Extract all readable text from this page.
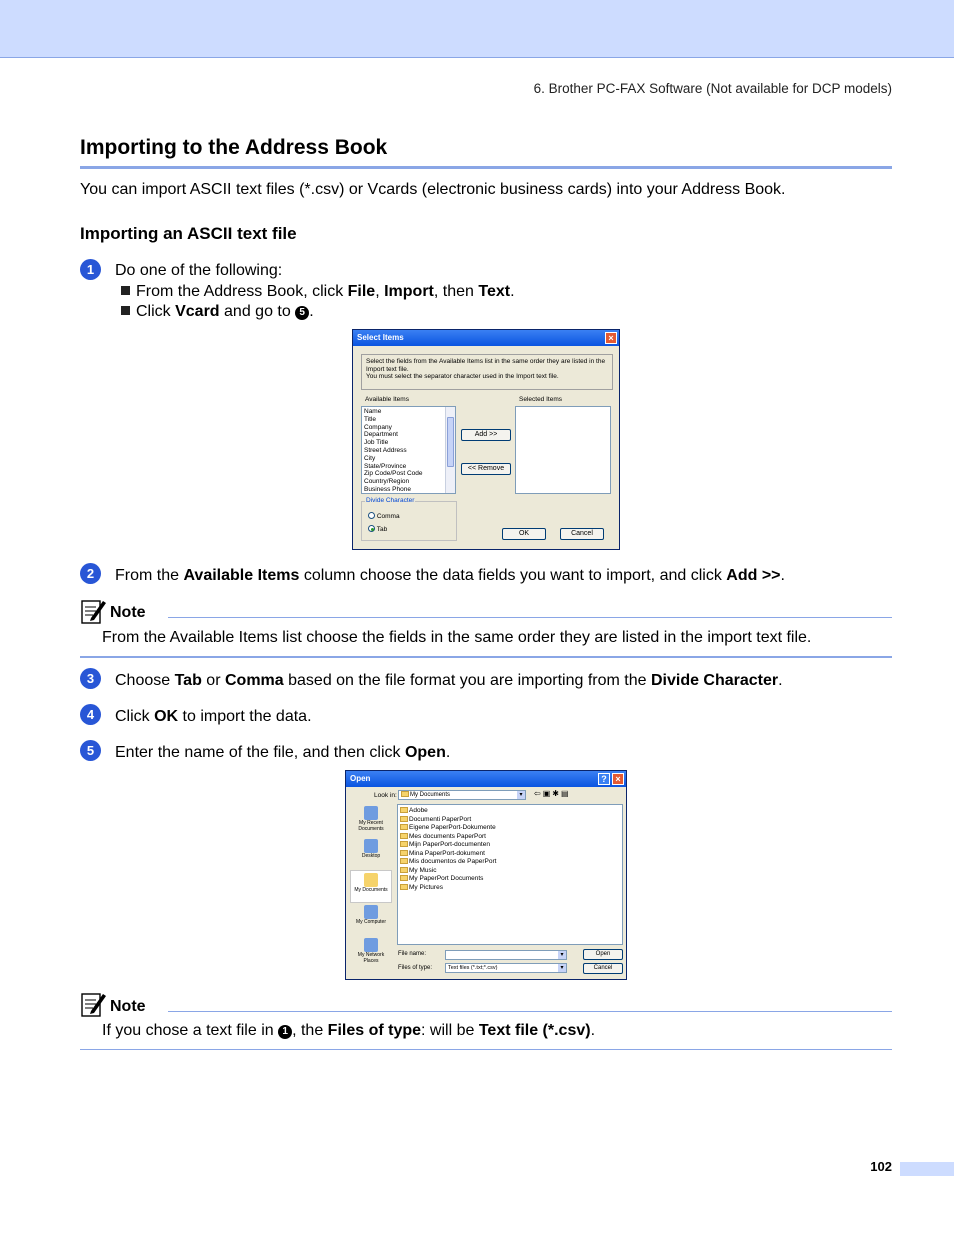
6. Brother PC-FAX Software (Not available for DCP models)
Importing to the Address Book

You can import ASCII text files (*.csv) or Vcards (electronic business cards) into your Address Book.

Importing an ASCII text file
1	Do one of the following:

From the Address Book, click File, Import, then Text.

Click Vcard and go to 5 .

Select Items	×
Select the fields from the Available Items list in the same order they are listed in the
Import text file.
You must select the separator character used in the Import text file.
Available Items	Selected Items
Name
Title
Company
Department
Job Title
Street Address
City
State/Province
Zip Code/Post Code
Country/Region
Business Phone
Add >>
<< Remove
Divide Character
Comma
Tab
OK	Cancel
2	From the Available Items column choose the data fields you want to import, and click Add >>.

Note

From the Available Items list choose the fields in the same order they are listed in the import text file.

3	Choose Tab or Comma based on the file format you are importing from the Divide Character.

4	Click OK to import the data.

5	Enter the name of the file, and then click Open.

Open	? ×
Look in:	My Documents	▾	⇦▣✱▤
My Recent Documents
Desktop
My Documents
My Computer
My Network Places
Adobe
Documenti PaperPort
Eigene PaperPort-Dokumente
Mes documents PaperPort
Mijn PaperPort-documenten
Mina PaperPort-dokument
Mis documentos de PaperPort
My Music
My PaperPort Documents
My Pictures
File name:	▾
Files of type:	Text files (*.txt;*.csv)	▾
Open
Cancel
Note

If you chose a text file in 1 , the Files of type: will be Text file (*.csv).

102
